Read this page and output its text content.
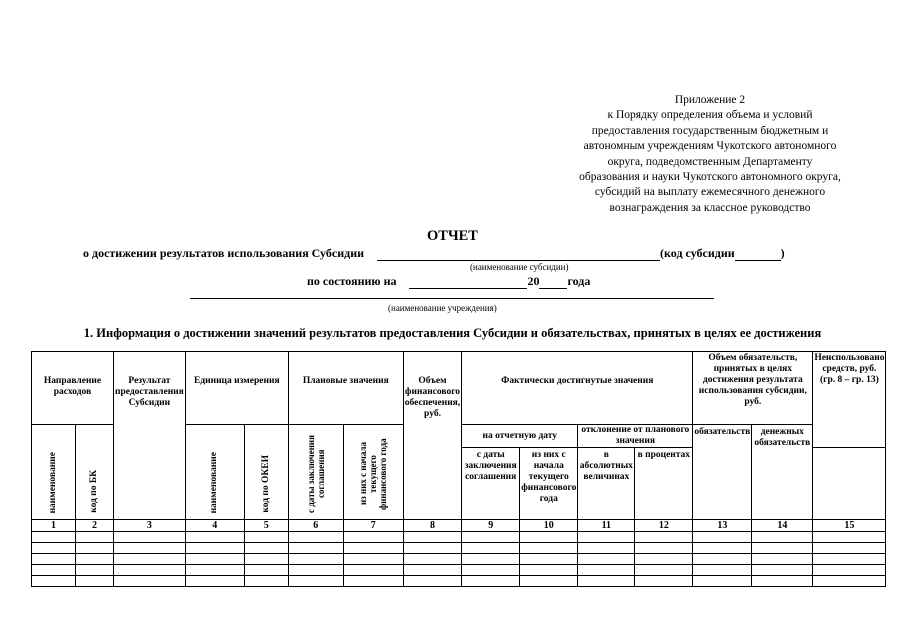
Приложение 2
к Порядку определения объема и условий
предоставления государственным бюджетным и
автономным учреждениям Чукотского автономного
округа, подведомственным Департаменту
образования и науки Чукотского автономного округа,
субсидий на выплату ежемесячного денежного
вознаграждения за классное руководство
ОТЧЕТ
о достижении результатов использования Субсидии	(код субсидии	)
(наименование субсидии)
по состоянию на	20 года
(наименование учреждения)
1. Информация о достижении значений результатов предоставления Субсидии и обязательствах, принятых в целях ее достижения
Направление расходов		Результат предоставления Субсидии	Единица измерения		Плановые значения		Объем финансового обеспечения, руб.	Фактически достигнутые значения				Объем обязательств, принятых в целях достижения результата использования субсидии, руб.		Неиспользовано средств, руб. (гр. 8 – гр. 13)
наименование	код по БК		наименование	код по ОКЕИ	с даты заключения соглашения	из них с начала текущего финансового года		на отчетную дату		отклонение от планового значения		обязательств	денежных обязательств	
								с даты заключения соглашения	из них с начала текущего финансового года	в абсолютных величинах	в процентах			
1	2	3	4	5	6	7	8	9	10	11	12	13	14	15
